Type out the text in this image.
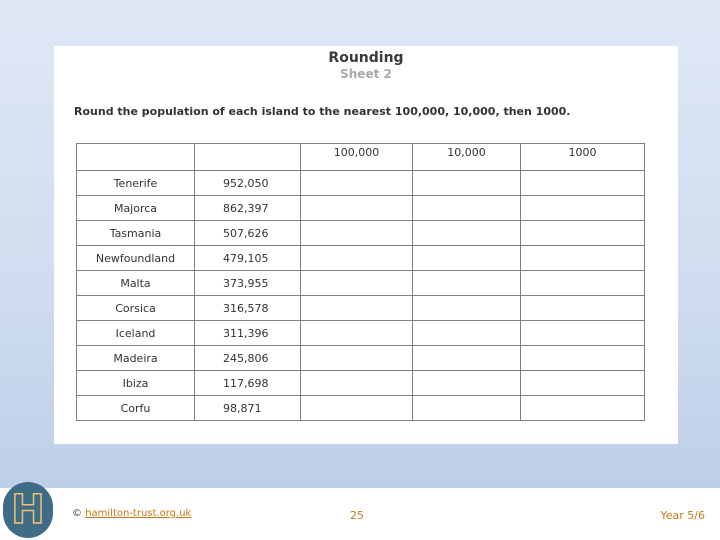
Rounding
Sheet 2
Round the population of each island to the nearest 100,000, 10,000, then 1000.
		100,000	10,000	1000
Tenerife	952,050			
Majorca	862,397			
Tasmania	507,626			
Newfoundland	479,105			
Malta	373,955			
Corsica	316,578			
Iceland	311,396			
Madeira	245,806			
Ibiza	117,698			
Corfu	98,871			
H	© hamilton-trust.org.uk	25	Year 5/6
